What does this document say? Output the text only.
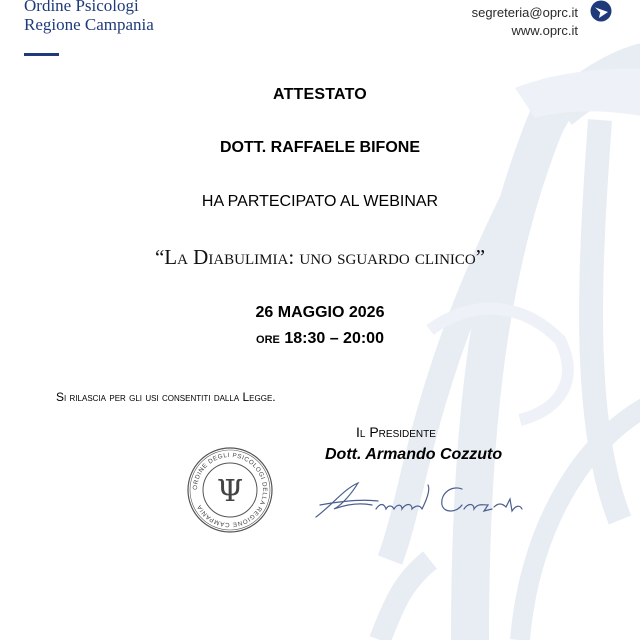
Ordine Psicologi
Regione Campania
segreteria@oprc.it
www.oprc.it
ATTESTATO
DOTT. RAFFAELE BIFONE
HA PARTECIPATO AL WEBINAR
“La Diabulimia: uno sguardo clinico”
26 MAGGIO 2026
ore 18:30 – 20:00
Si rilascia per gli usi consentiti dalla Legge.
Il Presidente
Dott. Armando Cozzuto
ORDINE DEGLI PSICOLOGI DELLA REGIONE CAMPANIA Ψ
